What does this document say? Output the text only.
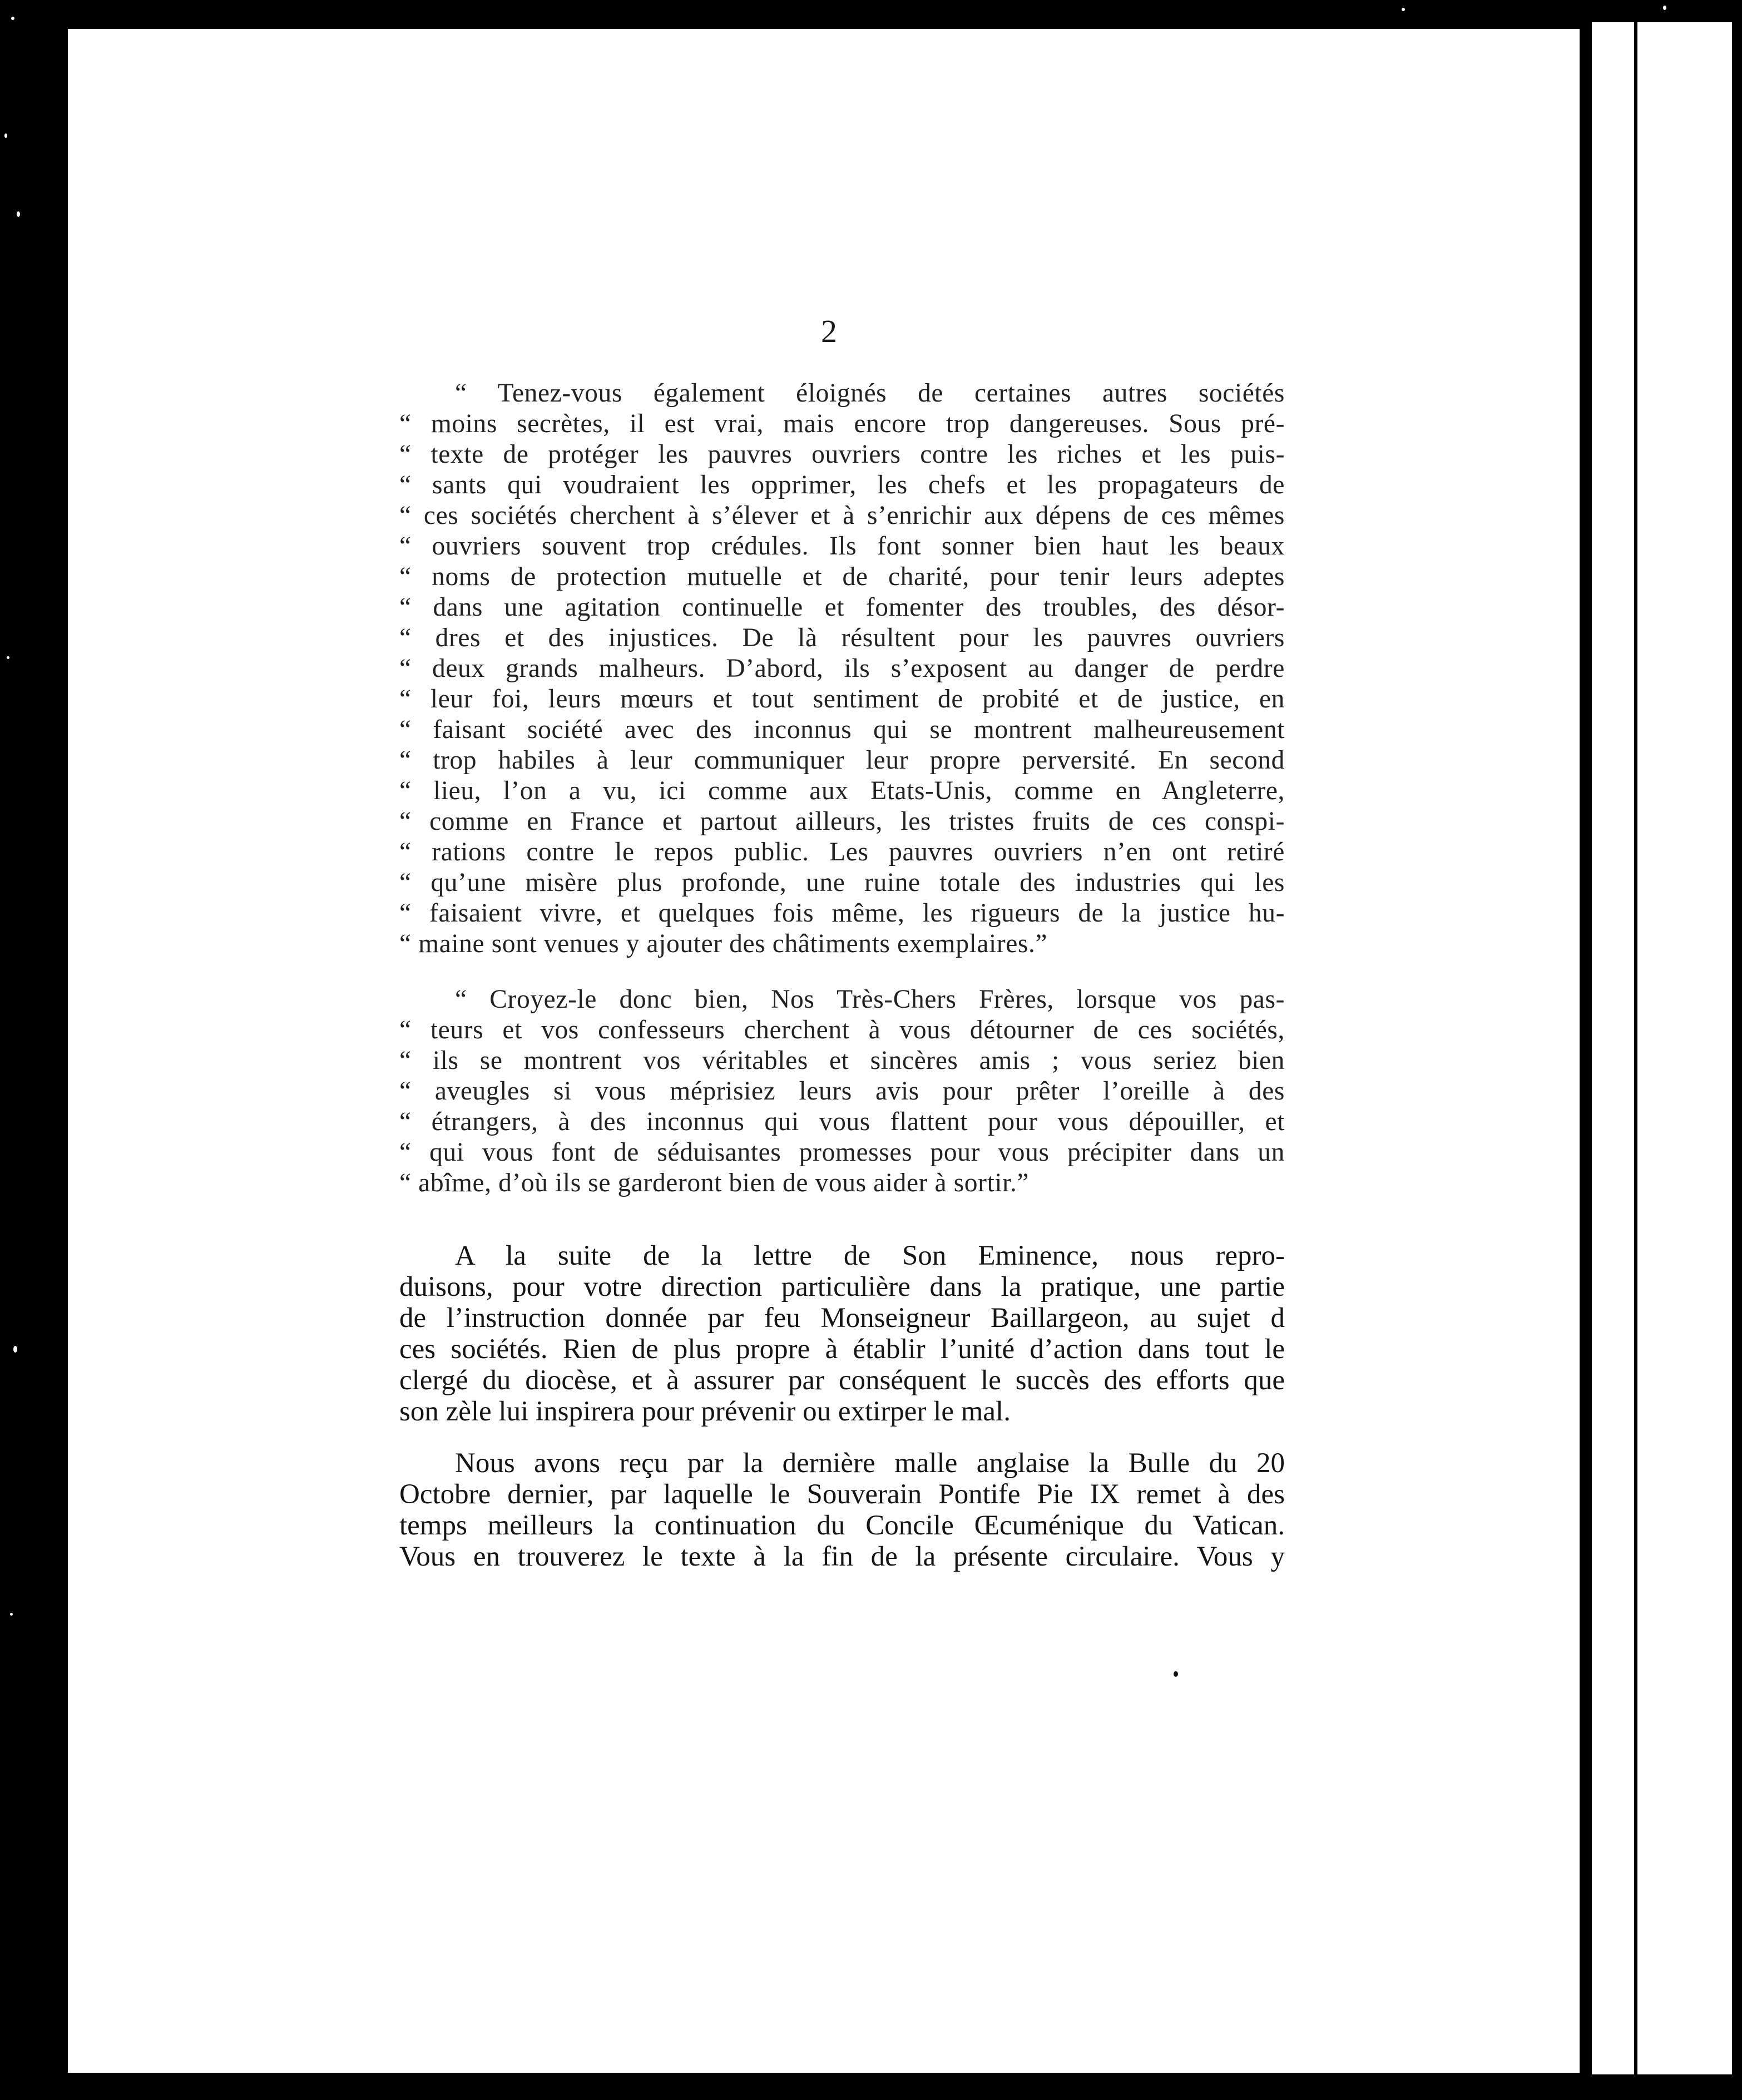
2
“ Tenez-vous également éloignés de certaines autres sociétés
“ moins secrètes, il est vrai, mais encore trop dangereuses. Sous pré-
“ texte de protéger les pauvres ouvriers contre les riches et les puis-
“ sants qui voudraient les opprimer, les chefs et les propagateurs de
“ ces sociétés cherchent à s’élever et à s’enrichir aux dépens de ces mêmes
“ ouvriers souvent trop crédules. Ils font sonner bien haut les beaux
“ noms de protection mutuelle et de charité, pour tenir leurs adeptes
“ dans une agitation continuelle et fomenter des troubles, des désor-
“ dres et des injustices. De là résultent pour les pauvres ouvriers
“ deux grands malheurs. D’abord, ils s’exposent au danger de perdre
“ leur foi, leurs mœurs et tout sentiment de probité et de justice, en
“ faisant société avec des inconnus qui se montrent malheureusement
“ trop habiles à leur communiquer leur propre perversité. En second
“ lieu, l’on a vu, ici comme aux Etats-Unis, comme en Angleterre,
“ comme en France et partout ailleurs, les tristes fruits de ces conspi-
“ rations contre le repos public. Les pauvres ouvriers n’en ont retiré
“ qu’une misère plus profonde, une ruine totale des industries qui les
“ faisaient vivre, et quelques fois même, les rigueurs de la justice hu-
“ maine sont venues y ajouter des châtiments exemplaires.”
“ Croyez-le donc bien, Nos Très-Chers Frères, lorsque vos pas-
“ teurs et vos confesseurs cherchent à vous détourner de ces sociétés,
“ ils se montrent vos véritables et sincères amis ; vous seriez bien
“ aveugles si vous méprisiez leurs avis pour prêter l’oreille à des
“ étrangers, à des inconnus qui vous flattent pour vous dépouiller, et
“ qui vous font de séduisantes promesses pour vous précipiter dans un
“ abîme, d’où ils se garderont bien de vous aider à sortir.”
A la suite de la lettre de Son Eminence, nous repro-
duisons, pour votre direction particulière dans la pratique, une partie
de l’instruction donnée par feu Monseigneur Baillargeon, au sujet d
ces sociétés. Rien de plus propre à établir l’unité d’action dans tout le
clergé du diocèse, et à assurer par conséquent le succès des efforts que
son zèle lui inspirera pour prévenir ou extirper le mal.
Nous avons reçu par la dernière malle anglaise la Bulle du 20
Octobre dernier, par laquelle le Souverain Pontife Pie IX remet à des
temps meilleurs la continuation du Concile Œcuménique du Vatican.
Vous en trouverez le texte à la fin de la présente circulaire. Vous y
